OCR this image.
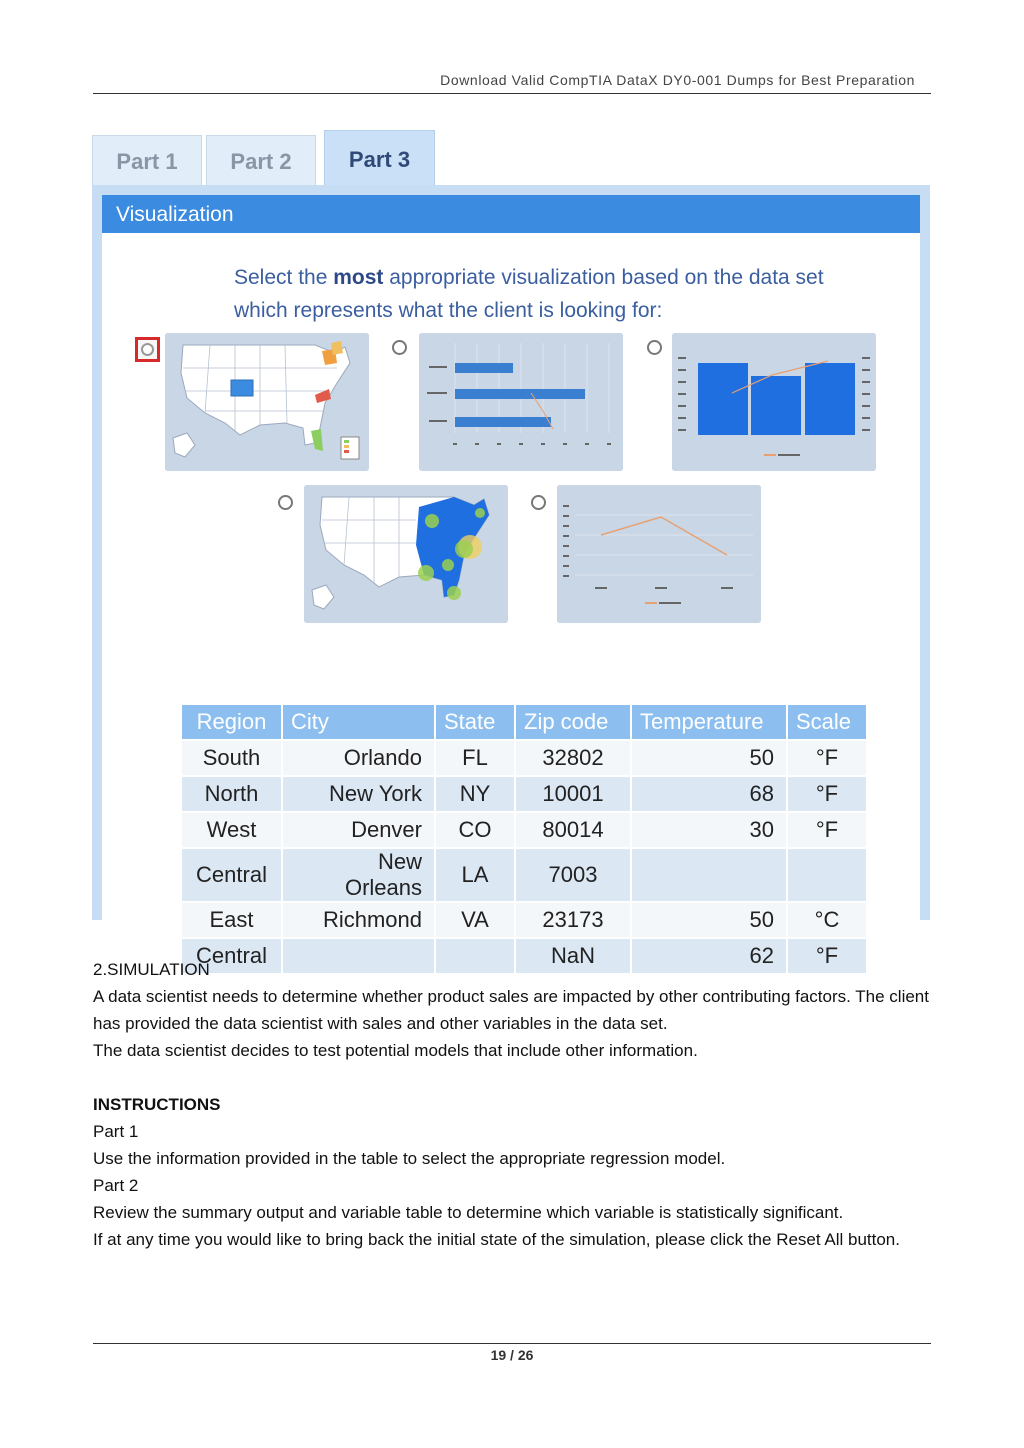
Download Valid CompTIA DataX DY0-001 Dumps for Best Preparation
Part 1	Part 2	Part 3
Visualization
Select the most appropriate visualization based on the data set which represents what the client is looking for:
Region	City	State	Zip code	Temperature	Scale
South	Orlando	FL	32802	50	°F
North	New York	NY	10001	68	°F
West	Denver	CO	80014	30	°F
Central	New Orleans	LA	7003		
East	Richmond	VA	23173	50	°C
Central			NaN	62	°F

2.SIMULATION

A data scientist needs to determine whether product sales are impacted by other contributing factors. The client has provided the data scientist with sales and other variables in the data set.

The data scientist decides to test potential models that include other information.

INSTRUCTIONS

Part 1

Use the information provided in the table to select the appropriate regression model.

Part 2

Review the summary output and variable table to determine which variable is statistically significant.

If at any time you would like to bring back the initial state of the simulation, please click the Reset All button.

19 / 26
